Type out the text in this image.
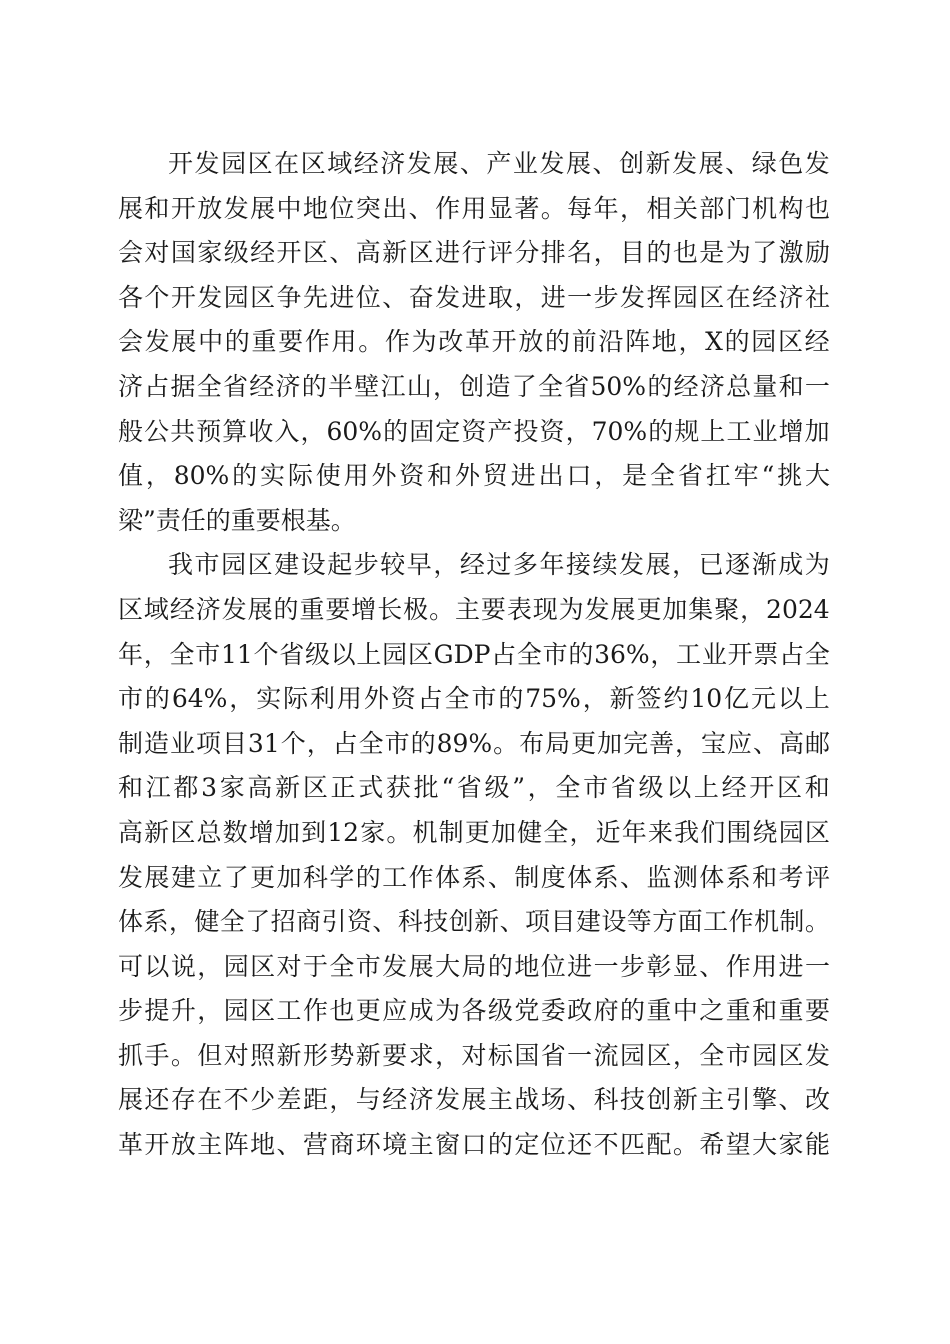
开 发 园 区 在 区 域 经 济 发 展 、 产 业 发 展 、 创 新 发 展 、 绿 色 发
展 和 开 放 发 展 中 地 位 突 出 、 作 用 显 著 。 每 年 ， 相 关 部 门 机 构 也
会 对 国 家 级 经 开 区 、 高 新 区 进 行 评 分 排 名 ， 目 的 也 是 为 了 激 励
各 个 开 发 园 区 争 先 进 位 、 奋 发 进 取 ， 进 一 步 发 挥 园 区 在 经 济 社
会 发 展 中 的 重 要 作 用 。 作 为 改 革 开 放 的 前 沿 阵 地 ， X 的 园 区 经
济 占 据 全 省 经 济 的 半 壁 江 山 ， 创 造 了 全 省 50% 的 经 济 总 量 和 一
般 公 共 预 算 收 入 ， 60% 的 固 定 资 产 投 资 ， 70% 的 规 上 工 业 增 加
值 ， 80% 的 实 际 使 用 外 资 和 外 贸 进 出 口 ， 是 全 省 扛 牢 “ 挑 大
梁”责任的重要根基。
我 市 园 区 建 设 起 步 较 早 ， 经 过 多 年 接 续 发 展 ， 已 逐 渐 成 为
区 域 经 济 发 展 的 重 要 增 长 极 。 主 要 表 现 为 发 展 更 加 集 聚 ， 2024
年 ， 全 市 11 个 省 级 以 上 园 区 GDP 占 全 市 的 36% ， 工 业 开 票 占 全
市 的 64% ， 实 际 利 用 外 资 占 全 市 的 75% ， 新 签 约 10 亿 元 以 上
制 造 业 项 目 31 个 ， 占 全 市 的 89% 。 布 局 更 加 完 善 ， 宝 应 、 高 邮
和 江 都 3 家 高 新 区 正 式 获 批 “ 省 级 ” ， 全 市 省 级 以 上 经 开 区 和
高 新 区 总 数 增 加 到 12 家 。 机 制 更 加 健 全 ， 近 年 来 我 们 围 绕 园 区
发 展 建 立 了 更 加 科 学 的 工 作 体 系 、 制 度 体 系 、 监 测 体 系 和 考 评
体 系 ， 健 全 了 招 商 引 资 、 科 技 创 新 、 项 目 建 设 等 方 面 工 作 机 制 。
可 以 说 ， 园 区 对 于 全 市 发 展 大 局 的 地 位 进 一 步 彰 显 、 作 用 进 一
步 提 升 ， 园 区 工 作 也 更 应 成 为 各 级 党 委 政 府 的 重 中 之 重 和 重 要
抓 手 。 但 对 照 新 形 势 新 要 求 ， 对 标 国 省 一 流 园 区 ， 全 市 园 区 发
展 还 存 在 不 少 差 距 ， 与 经 济 发 展 主 战 场 、 科 技 创 新 主 引 擎 、 改
革 开 放 主 阵 地 、 营 商 环 境 主 窗 口 的 定 位 还 不 匹 配 。 希 望 大 家 能
